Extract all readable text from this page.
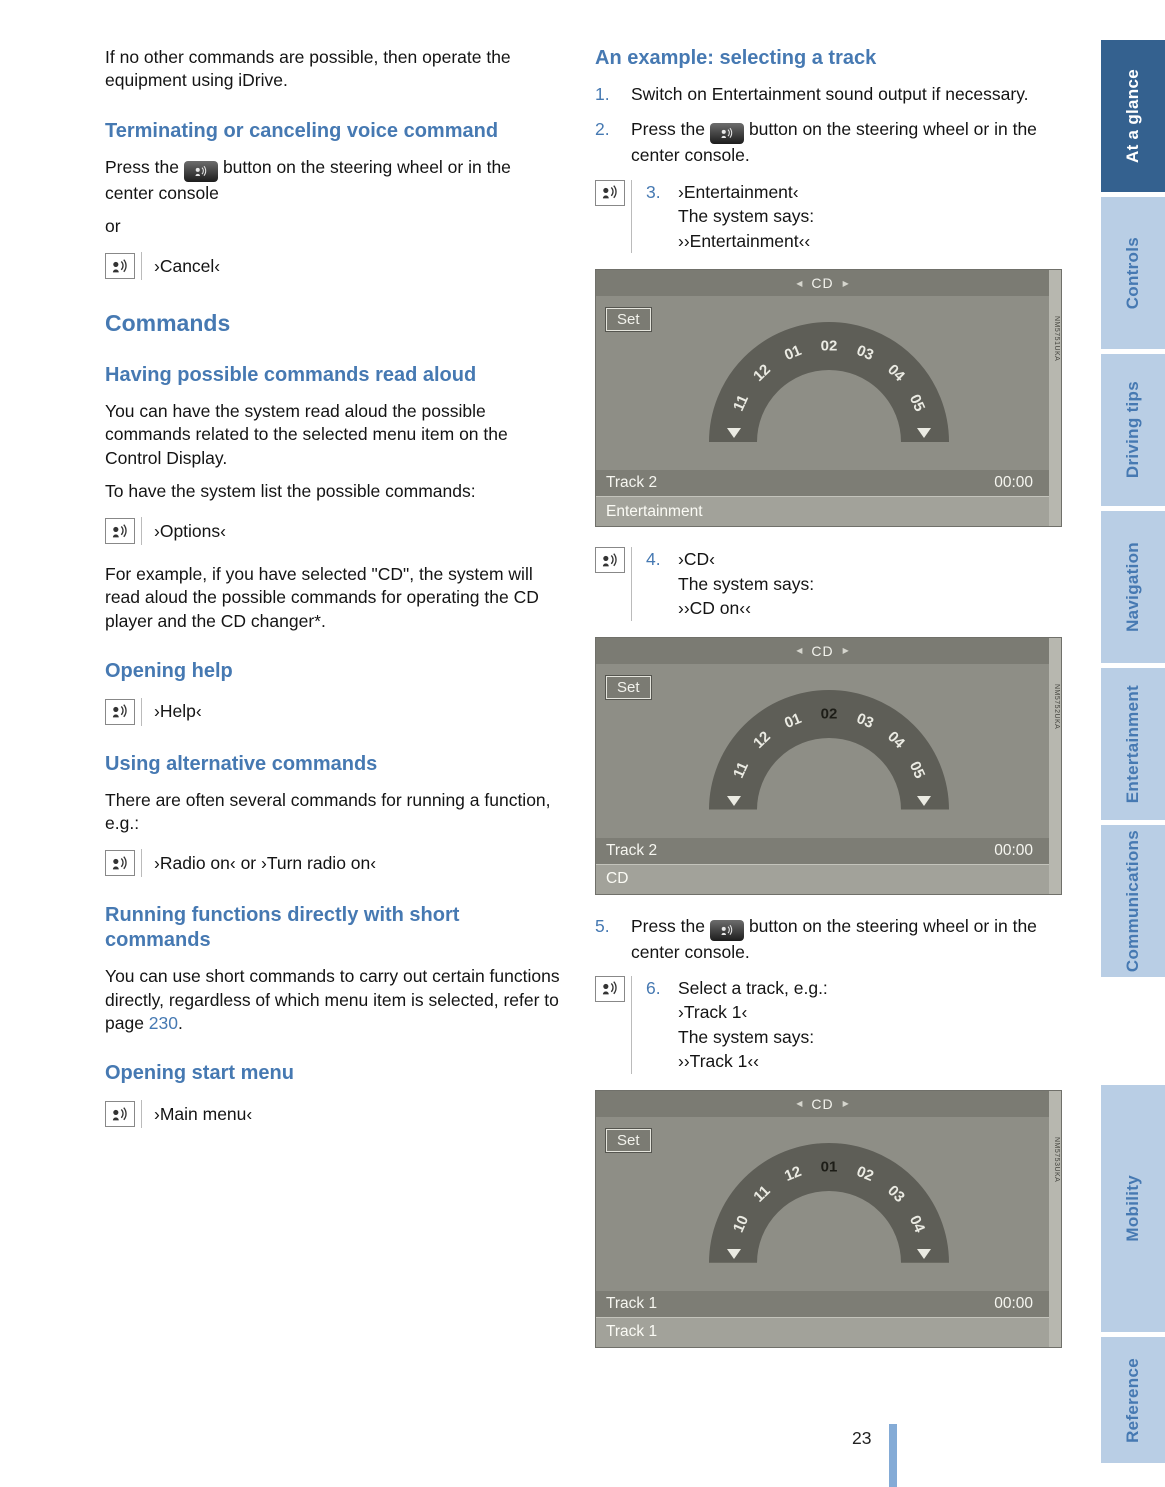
If no other commands are possible, then operate the equipment using iDrive.
Terminating or canceling voice command
Press the	button on the steering wheel or in the center console
or
›Cancel‹
Commands
Having possible commands read aloud
You can have the system read aloud the possible commands related to the selected menu item on the Control Display.
To have the system list the possible commands:
›Options‹
For example, if you have selected "CD", the system will read aloud the possible commands for operating the CD player and the CD changer*.
Opening help
›Help‹
Using alternative commands
There are often several commands for running a function, e.g.:
›Radio on‹ or ›Turn radio on‹
Running functions directly with short commands
You can use short commands to carry out certain functions directly, regardless of which menu item is selected, refer to page 230.
Opening start menu
›Main menu‹
An example: selecting a track
1.	Switch on Entertainment sound output if necessary.
2.	Press the	button on the steering wheel or in the center console.
3. ›Entertainment‹
The system says:
››Entertainment‹‹
◀ CD ▶
Set
11
12
01 02 03
04
05
Track 2	00:00
Entertainment
NM5751UKA
4. ›CD‹
The system says:
››CD on‹‹
◀ CD ▶
Set
11
12
01 02 03
04
05
Track 2	00:00
CD
NM5752UKA
5.	Press the	button on the steering wheel or in the center console.
6. Select a track, e.g.:
›Track 1‹
The system says:
››Track 1‹‹
◀ CD ▶
Set
10
11
12 01 02
03
04
Track 1	00:00
Track 1
NM5753UKA
At a glance
Controls
Driving tips
Navigation
Entertainment
Communications
Mobility
Reference
23
